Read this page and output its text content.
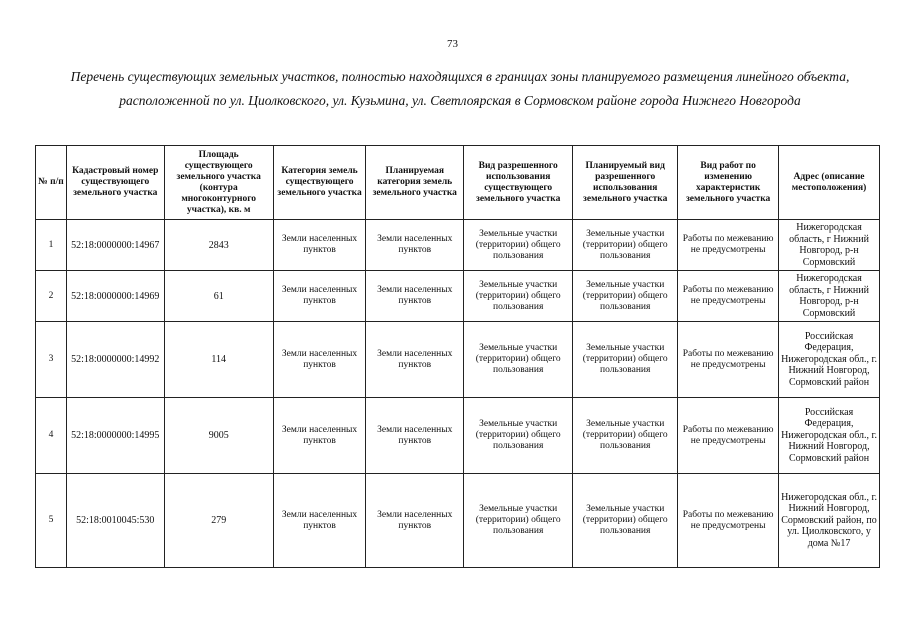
73
Перечень существующих земельных участков, полностью находящихся в границах зоны планируемого размещения линейного объекта, расположенной по ул. Циолковского, ул. Кузьмина, ул. Светлоярская в Сормовском районе города Нижнего Новгорода
№ п/п	Кадастровый номер существующего земельного участка	Площадь существующего земельного участка (контура многоконтурного участка), кв. м	Категория земель существующего земельного участка	Планируемая категория земель земельного участка	Вид разрешенного использования существующего земельного участка	Планируемый вид разрешенного использования земельного участка	Вид работ по изменению характеристик земельного участка	Адрес (описание местоположения)
1	52:18:0000000:14967	2843	Земли населенных пунктов	Земли населенных пунктов	Земельные участки (территории) общего пользования	Земельные участки (территории) общего пользования	Работы по межеванию не предусмотрены	Нижегородская область, г Нижний Новгород, р-н Сормовский
2	52:18:0000000:14969	61	Земли населенных пунктов	Земли населенных пунктов	Земельные участки (территории) общего пользования	Земельные участки (территории) общего пользования	Работы по межеванию не предусмотрены	Нижегородская область, г Нижний Новгород, р-н Сормовский
3	52:18:0000000:14992	114	Земли населенных пунктов	Земли населенных пунктов	Земельные участки (территории) общего пользования	Земельные участки (территории) общего пользования	Работы по межеванию не предусмотрены	Российская Федерация, Нижегородская обл., г. Нижний Новгород, Сормовский район
4	52:18:0000000:14995	9005	Земли населенных пунктов	Земли населенных пунктов	Земельные участки (территории) общего пользования	Земельные участки (территории) общего пользования	Работы по межеванию не предусмотрены	Российская Федерация, Нижегородская обл., г. Нижний Новгород, Сормовский район
5	52:18:0010045:530	279	Земли населенных пунктов	Земли населенных пунктов	Земельные участки (территории) общего пользования	Земельные участки (территории) общего пользования	Работы по межеванию не предусмотрены	Нижегородская обл., г. Нижний Новгород, Сормовский район, по ул. Циолковского, у дома №17
